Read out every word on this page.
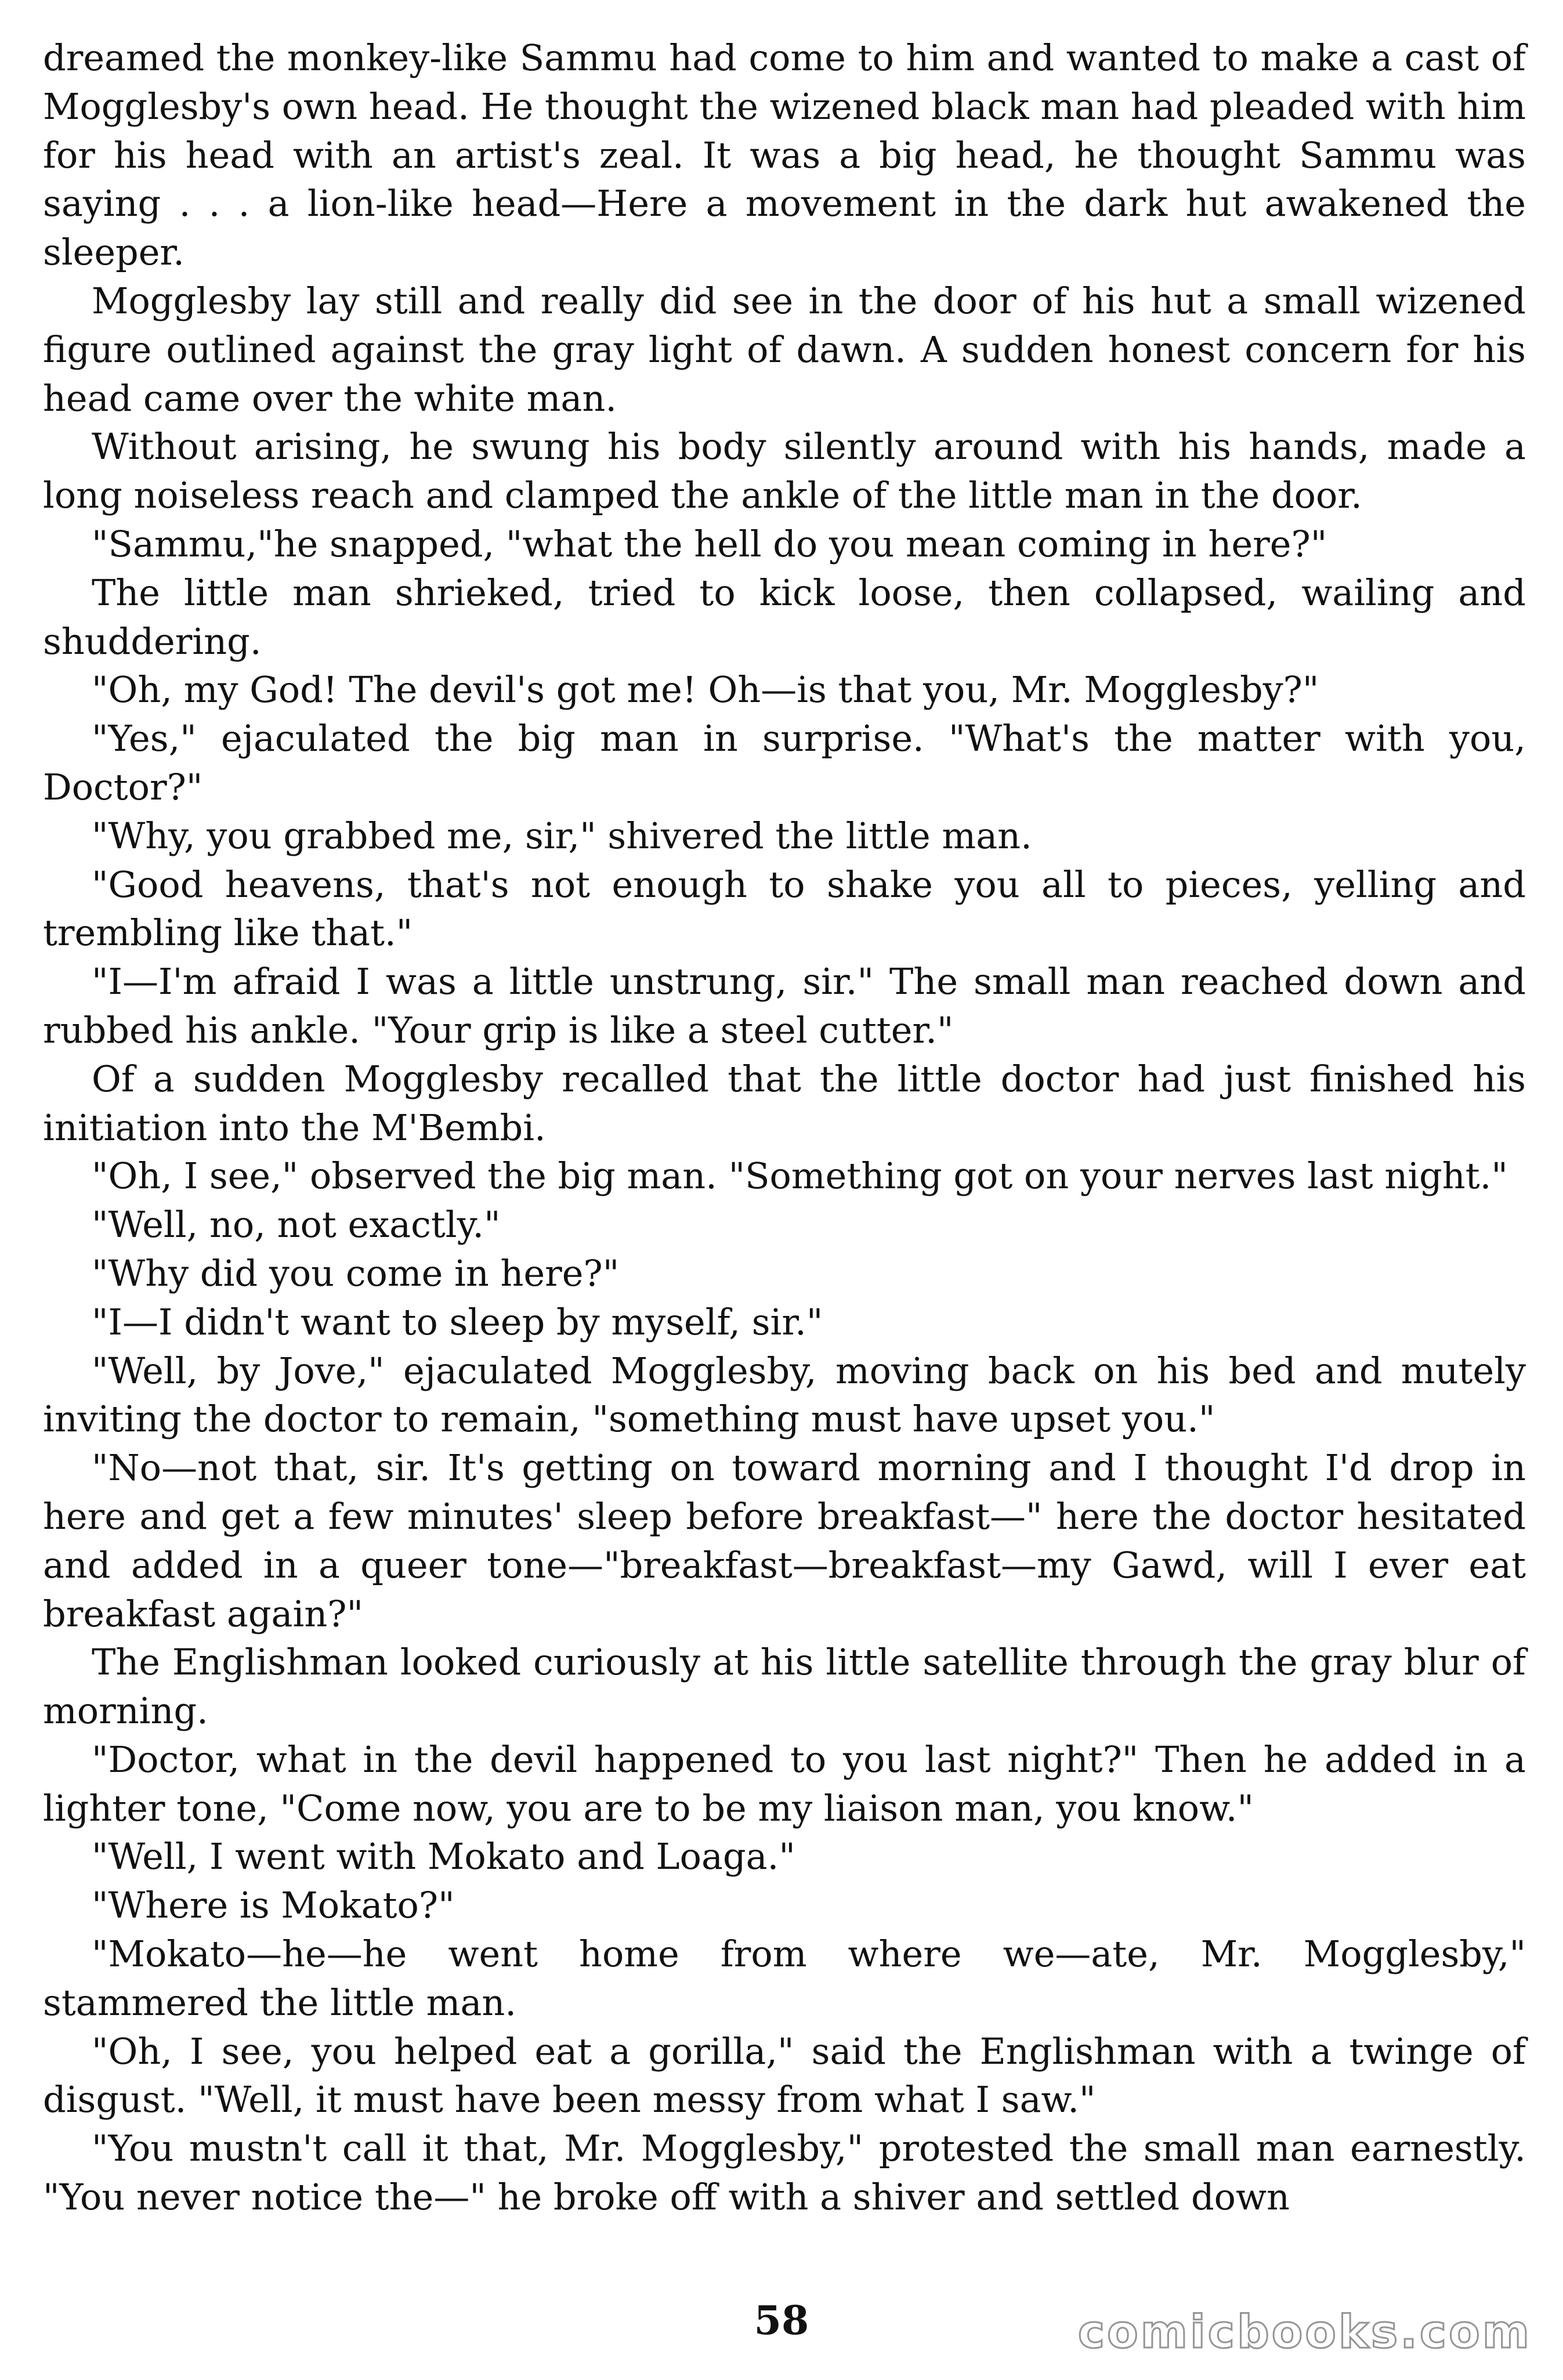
dreamed the monkey-like Sammu had come to him and wanted to make a cast of Mogglesby's own head. He thought the wizened black man had pleaded with him for his head with an artist's zeal. It was a big head, he thought Sammu was saying . . . a lion-like head—Here a movement in the dark hut awakened the sleeper.

Mogglesby lay still and really did see in the door of his hut a small wizened figure outlined against the gray light of dawn. A sudden honest concern for his head came over the white man.

Without arising, he swung his body silently around with his hands, made a long noiseless reach and clamped the ankle of the little man in the door.

"Sammu,"he snapped, "what the hell do you mean coming in here?"

The little man shrieked, tried to kick loose, then collapsed, wailing and shuddering.

"Oh, my God! The devil's got me! Oh—is that you, Mr. Mogglesby?"

"Yes," ejaculated the big man in surprise. "What's the matter with you, Doctor?"

"Why, you grabbed me, sir," shivered the little man.

"Good heavens, that's not enough to shake you all to pieces, yelling and trembling like that."

"I—I'm afraid I was a little unstrung, sir." The small man reached down and rubbed his ankle. "Your grip is like a steel cutter."

Of a sudden Mogglesby recalled that the little doctor had just finished his initiation into the M'Bembi.

"Oh, I see," observed the big man. "Something got on your nerves last night."

"Well, no, not exactly."

"Why did you come in here?"

"I—I didn't want to sleep by myself, sir."

"Well, by Jove," ejaculated Mogglesby, moving back on his bed and mutely inviting the doctor to remain, "something must have upset you."

"No—not that, sir. It's getting on toward morning and I thought I'd drop in here and get a few minutes' sleep before breakfast—" here the doctor hesitated and added in a queer tone—"breakfast—breakfast—my Gawd, will I ever eat breakfast again?"

The Englishman looked curiously at his little satellite through the gray blur of morning.

"Doctor, what in the devil happened to you last night?" Then he added in a lighter tone, "Come now, you are to be my liaison man, you know."

"Well, I went with Mokato and Loaga."

"Where is Mokato?"

"Mokato—he—he went home from where we—ate, Mr. Mogglesby," stammered the little man.

"Oh, I see, you helped eat a gorilla," said the Englishman with a twinge of disgust. "Well, it must have been messy from what I saw."

"You mustn't call it that, Mr. Mogglesby," protested the small man earnestly. "You never notice the—" he broke off with a shiver and settled down

58	comicbooks.com
